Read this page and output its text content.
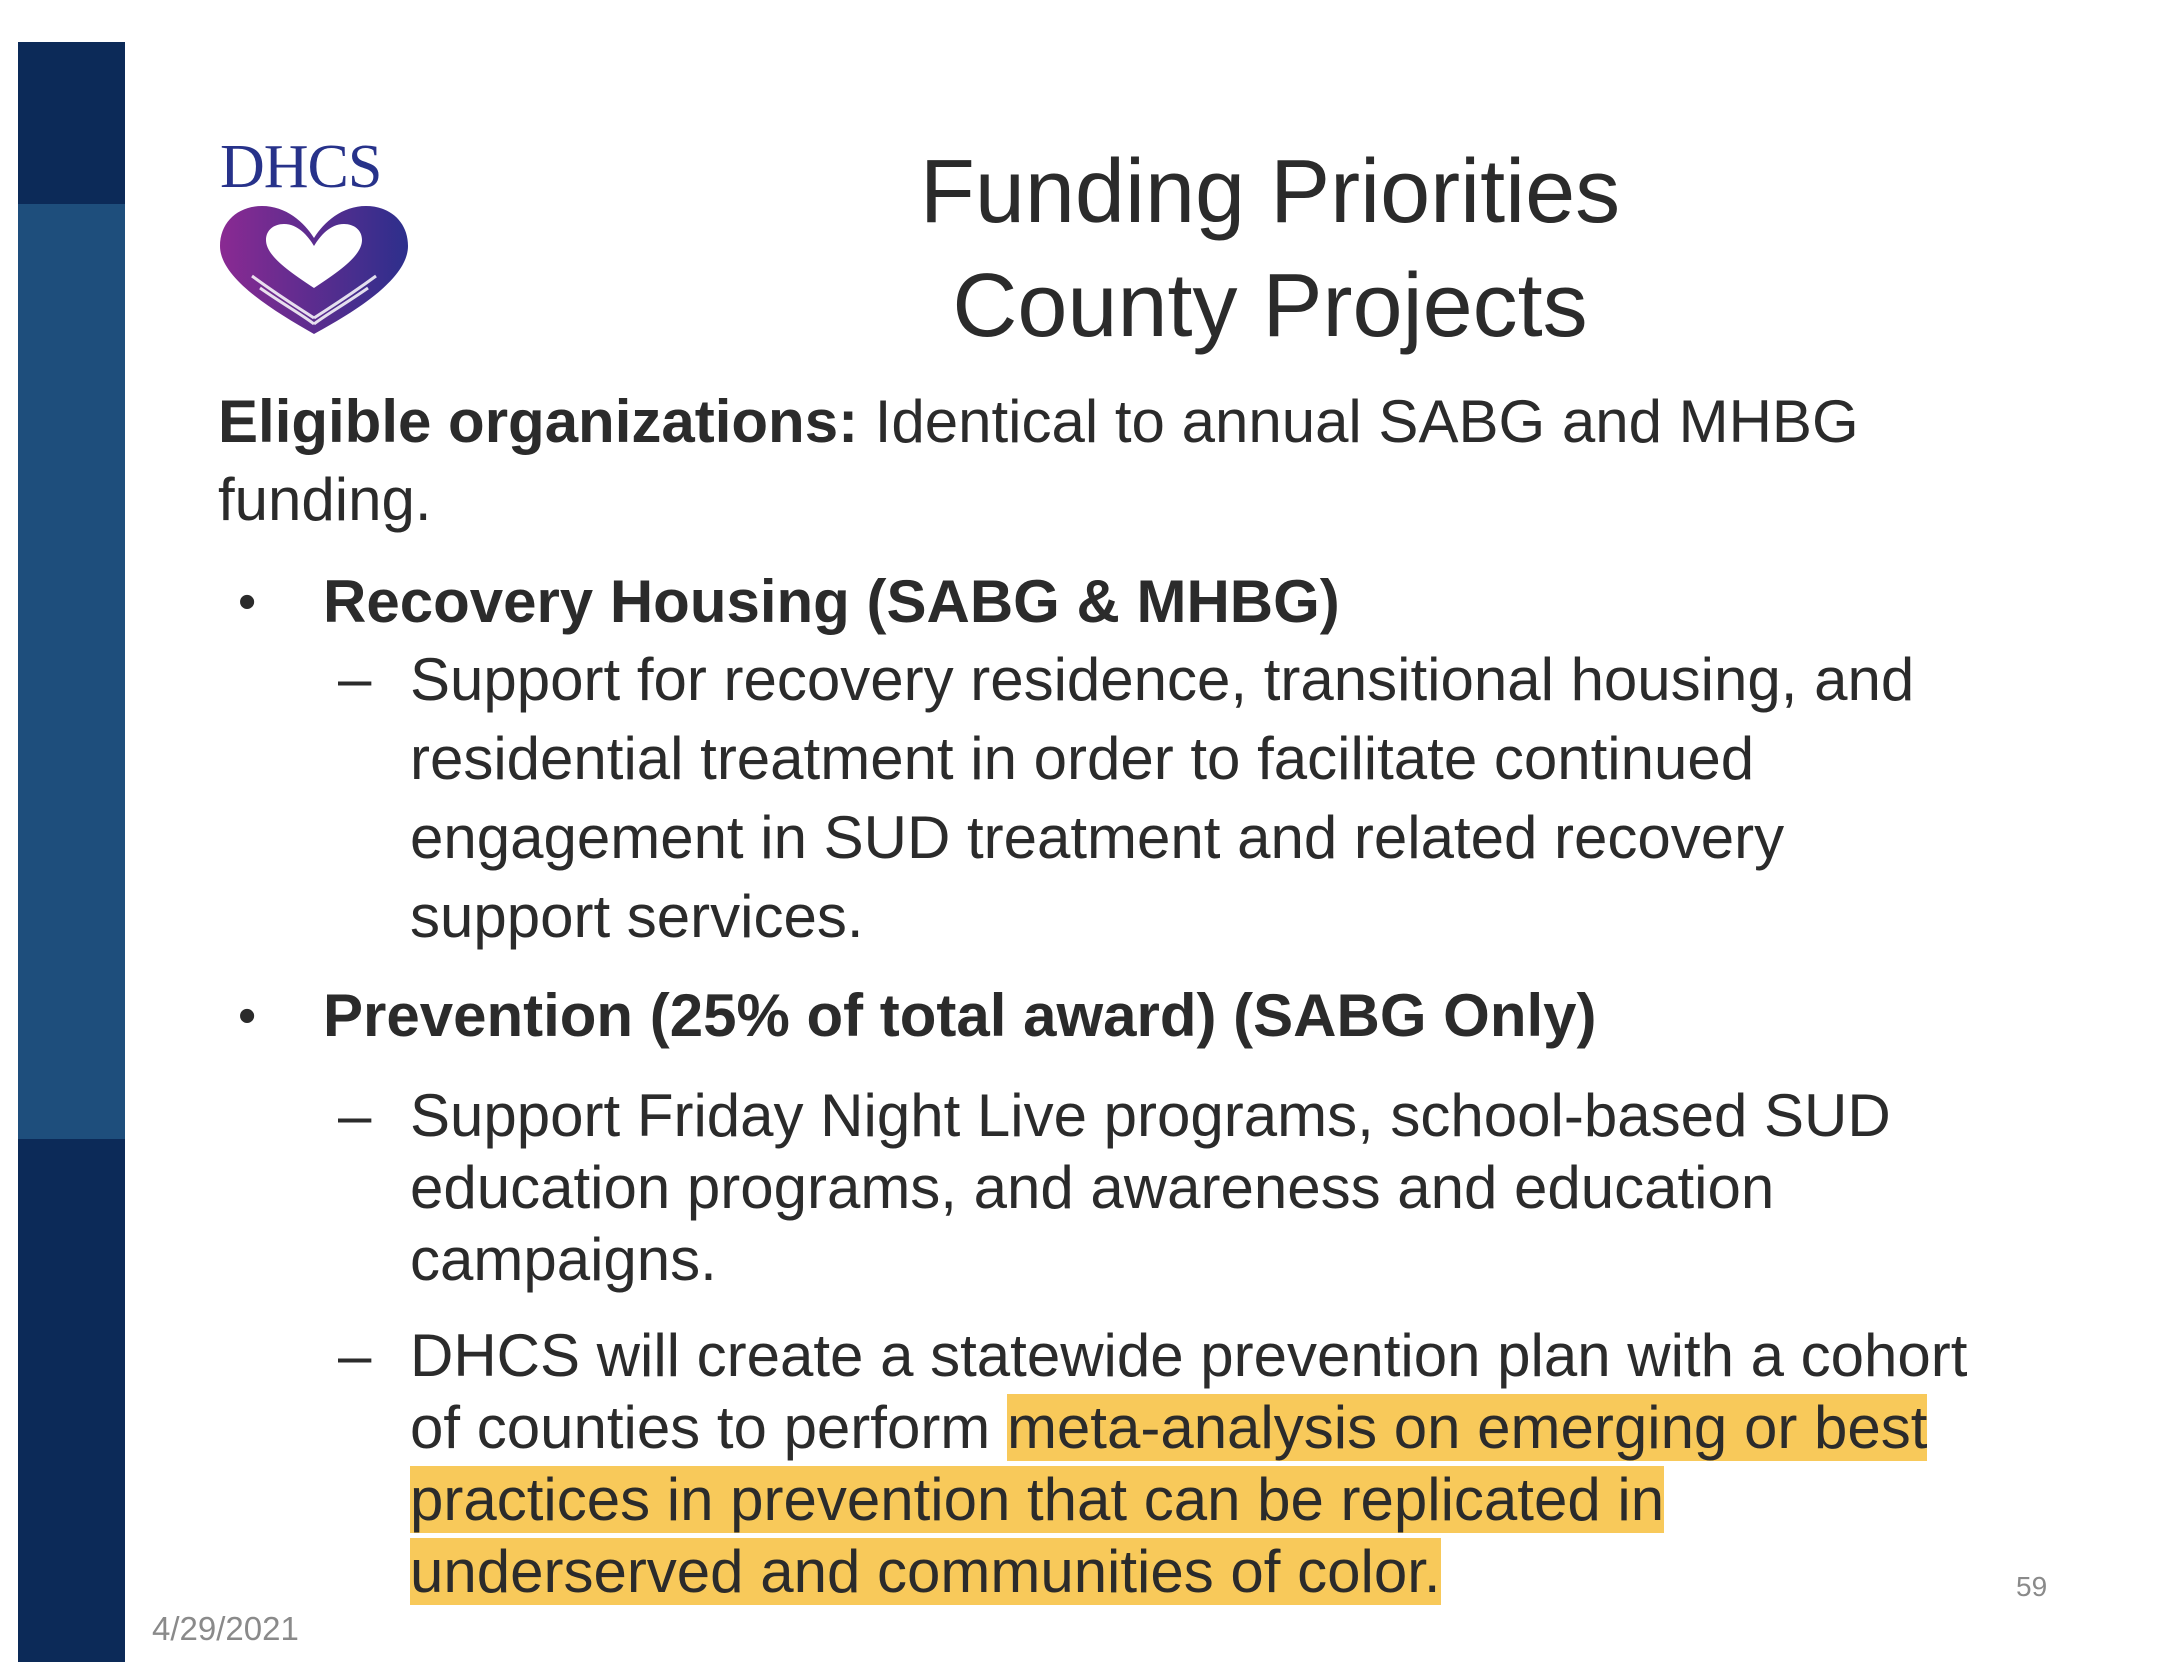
DHCS	Funding Priorities
County Projects
Eligible organizations: Identical to annual SABG and MHBG
funding.
• Recovery Housing (SABG & MHBG)
– Support for recovery residence, transitional housing, and
residential treatment in order to facilitate continued
engagement in SUD treatment and related recovery
support services.
• Prevention (25% of total award) (SABG Only)
– Support Friday Night Live programs, school-based SUD
education programs, and awareness and education
campaigns.
– DHCS will create a statewide prevention plan with a cohort
of counties to perform meta-analysis on emerging or best
practices in prevention that can be replicated in
underserved and communities of color.
4/29/2021
59
